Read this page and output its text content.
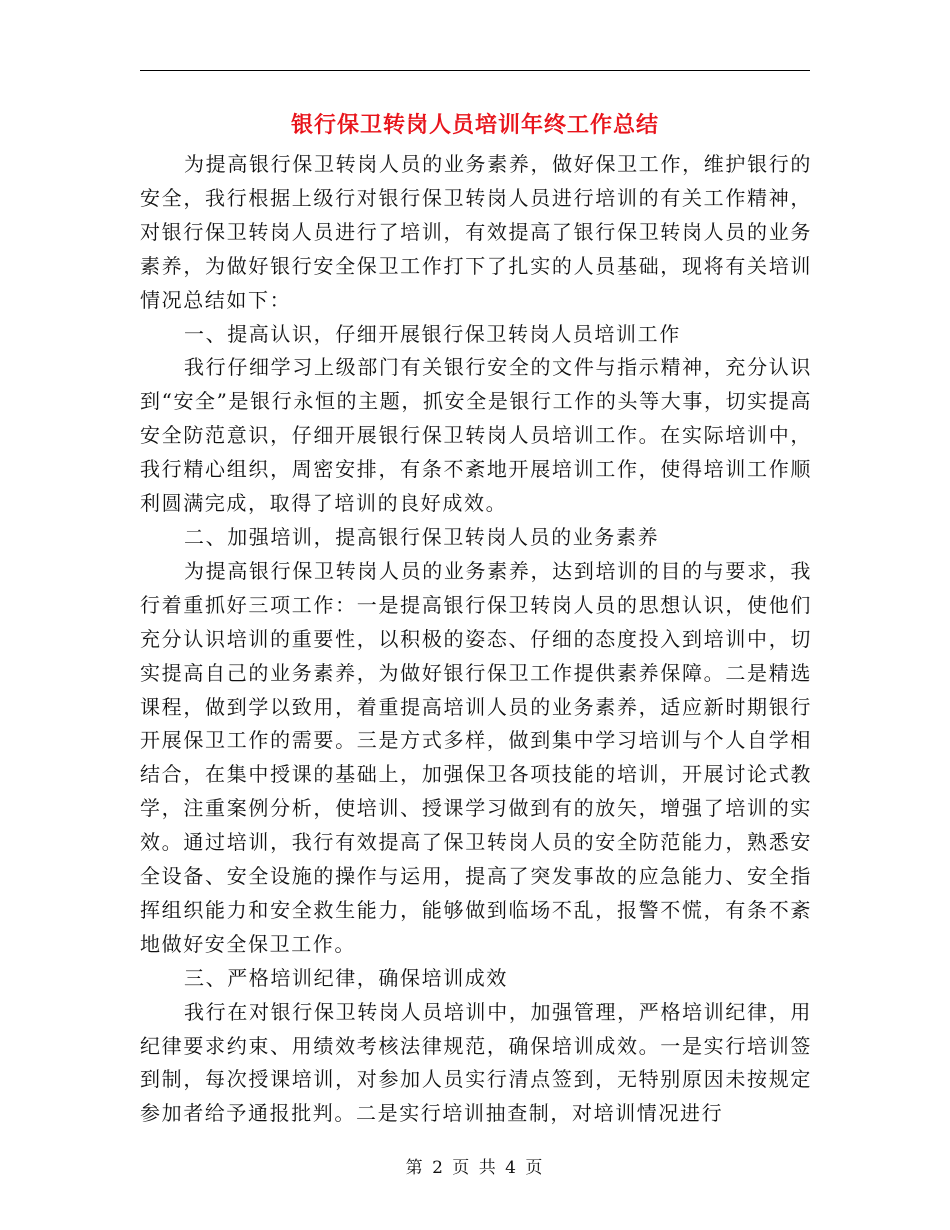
银行保卫转岗人员培训年终工作总结

为提高银行保卫转岗人员的业务素养，做好保卫工作，维护银行的安全，我行根据上级行对银行保卫转岗人员进行培训的有关工作精神，对银行保卫转岗人员进行了培训，有效提高了银行保卫转岗人员的业务素养，为做好银行安全保卫工作打下了扎实的人员基础，现将有关培训情况总结如下：

一、提高认识，仔细开展银行保卫转岗人员培训工作

我行仔细学习上级部门有关银行安全的文件与指示精神，充分认识到“安全”是银行永恒的主题，抓安全是银行工作的头等大事，切实提高安全防范意识，仔细开展银行保卫转岗人员培训工作。在实际培训中，我行精心组织，周密安排，有条不紊地开展培训工作，使得培训工作顺利圆满完成，取得了培训的良好成效。

二、加强培训，提高银行保卫转岗人员的业务素养

为提高银行保卫转岗人员的业务素养，达到培训的目的与要求，我行着重抓好三项工作：一是提高银行保卫转岗人员的思想认识，使他们充分认识培训的重要性，以积极的姿态、仔细的态度投入到培训中，切实提高自己的业务素养，为做好银行保卫工作提供素养保障。二是精选课程，做到学以致用，着重提高培训人员的业务素养，适应新时期银行开展保卫工作的需要。三是方式多样，做到集中学习培训与个人自学相结合，在集中授课的基础上，加强保卫各项技能的培训，开展讨论式教学，注重案例分析，使培训、授课学习做到有的放矢，增强了培训的实效。通过培训，我行有效提高了保卫转岗人员的安全防范能力，熟悉安全设备、安全设施的操作与运用，提高了突发事故的应急能力、安全指挥组织能力和安全救生能力，能够做到临场不乱，报警不慌，有条不紊地做好安全保卫工作。

三、严格培训纪律，确保培训成效

我行在对银行保卫转岗人员培训中，加强管理，严格培训纪律，用纪律要求约束、用绩效考核法律规范，确保培训成效。一是实行培训签到制，每次授课培训，对参加人员实行清点签到，无特别原因未按规定参加者给予通报批判。二是实行培训抽查制，对培训情况进行

第 2 页 共 4 页
